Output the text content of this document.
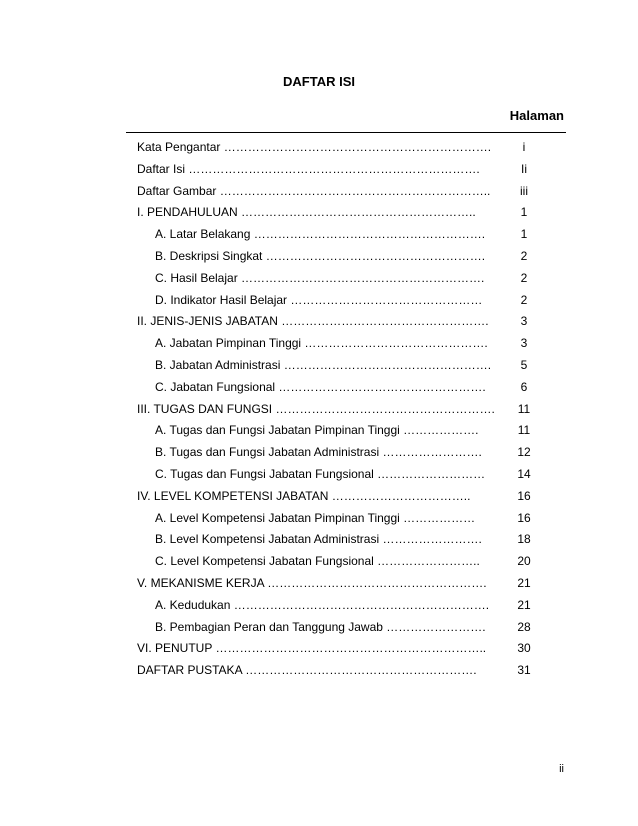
DAFTAR ISI
Halaman
Kata Pengantar ………………………………………………………….	i
Daftar Isi ……………………………………………………………….	Ii
Daftar Gambar …………………………………………………………..	iii
I. PENDAHULUAN …………………………………………………..	1
A. Latar Belakang ………………………………………………….	1
B. Deskripsi Singkat ……………………………………………….	2
C. Hasil Belajar …………………………………………………….	2
D. Indikator Hasil Belajar …………………………………………	2
II. JENIS-JENIS JABATAN …………………………………………….	3
A. Jabatan Pimpinan Tinggi ……………………………………….	3
B. Jabatan Administrasi …………………………………………….	5
C. Jabatan Fungsional …………………………………………….	6
III. TUGAS DAN FUNGSI ……………………………………………….	11
A. Tugas dan Fungsi Jabatan Pimpinan Tinggi ……………….	11
B. Tugas dan Fungsi Jabatan Administrasi …………………….	12
C. Tugas dan Fungsi Jabatan Fungsional ………………………	14
IV. LEVEL KOMPETENSI JABATAN ……………………………..	16
A. Level Kompetensi Jabatan Pimpinan Tinggi ………………	16
B. Level Kompetensi Jabatan Administrasi …………………….	18
C. Level Kompetensi Jabatan Fungsional ……………………..	20
V. MEKANISME KERJA ……………………………………………….	21
A. Kedudukan ……………………………………………………….	21
B. Pembagian Peran dan Tanggung Jawab …………………….	28
VI. PENUTUP …………………………………………………………..	30
DAFTAR PUSTAKA ………………………………………………….	31
ii
